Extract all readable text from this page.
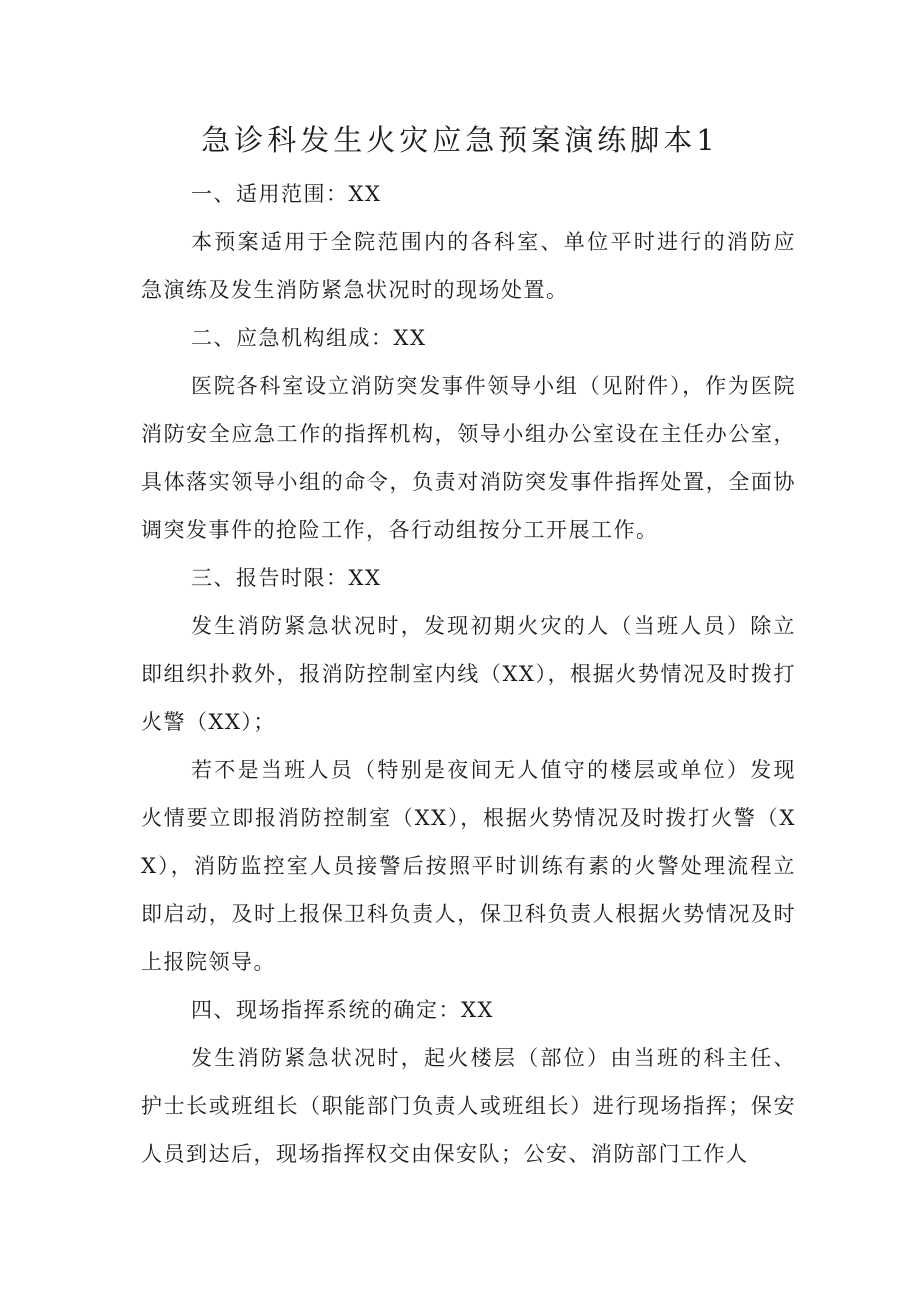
急诊科发生火灾应急预案演练脚本1

一、适用范围：XX

本预案适用于全院范围内的各科室、单位平时进行的消防应急演练及发生消防紧急状况时的现场处置。

二、应急机构组成：XX

医院各科室设立消防突发事件领导小组（见附件），作为医院消防安全应急工作的指挥机构，领导小组办公室设在主任办公室，具体落实领导小组的命令，负责对消防突发事件指挥处置，全面协调突发事件的抢险工作，各行动组按分工开展工作。

三、报告时限：XX

发生消防紧急状况时，发现初期火灾的人（当班人员）除立即组织扑救外，报消防控制室内线（XX），根据火势情况及时拨打火警（XX）；

若不是当班人员（特别是夜间无人值守的楼层或单位）发现火情要立即报消防控制室（XX），根据火势情况及时拨打火警（XX），消防监控室人员接警后按照平时训练有素的火警处理流程立即启动，及时上报保卫科负责人，保卫科负责人根据火势情况及时上报院领导。

四、现场指挥系统的确定：XX

发生消防紧急状况时，起火楼层（部位）由当班的科主任、护士长或班组长（职能部门负责人或班组长）进行现场指挥；保安人员到达后，现场指挥权交由保安队；公安、消防部门工作人
